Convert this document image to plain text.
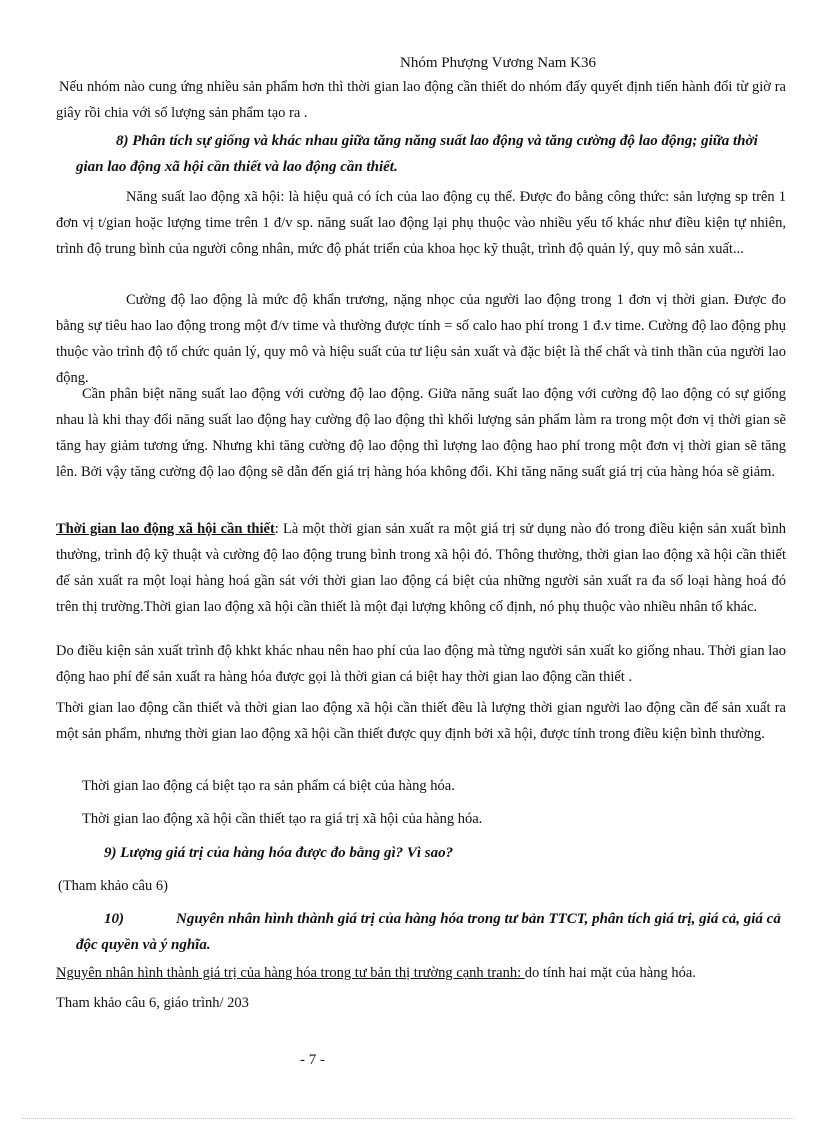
Nhóm Phượng Vương Nam K36

Nếu nhóm nào cung ứng nhiều sản phẩm hơn thì thời gian lao động cần thiết do nhóm đấy quyết định tiến hành đổi từ giờ ra giây rồi chia với số lượng sản phẩm tạo ra .

8) Phân tích sự giống và khác nhau giữa tăng năng suất lao động và tăng cường độ lao động; giữa thời gian lao động xã hội cần thiết và lao động cần thiết.

Năng suất lao động xã hội: là hiệu quả có ích của lao động cụ thể. Được đo bằng công thức: sản lượng sp trên 1 đơn vị t/gian hoặc lượng time trên 1 đ/v sp. năng suất lao động lại phụ thuộc vào nhiều yếu tố khác như điều kiện tự nhiên, trình độ trung bình của người công nhân, mức độ phát triển của khoa học kỹ thuật, trình độ quản lý, quy mô sản xuất...

Cường độ lao động là mức độ khẩn trương, nặng nhọc của người lao động trong 1 đơn vị thời gian. Được đo bằng sự tiêu hao lao động trong một đ/v time và thường được tính = số calo hao phí trong 1 đ.v time. Cường độ lao động phụ thuộc vào trình độ tổ chức quản lý, quy mô và hiệu suất của tư liệu sản xuất và đặc biệt là thể chất và tinh thần của người lao động.

Cần phân biệt năng suất lao động với cường độ lao động. Giữa năng suất lao động với cường độ lao động có sự giống nhau là khi thay đổi năng suất lao động hay cường độ lao động thì khối lượng sản phẩm làm ra trong một đơn vị thời gian sẽ tăng hay giảm tương ứng. Nhưng khi tăng cường độ lao động thì lượng lao động hao phí trong một đơn vị thời gian sẽ tăng lên. Bởi vậy tăng cường độ lao động sẽ dẫn đến giá trị hàng hóa không đổi. Khi tăng năng suất giá trị của hàng hóa sẽ giảm.

Thời gian lao động xã hội cần thiết: Là một thời gian sản xuất ra một giá trị sử dụng nào đó trong điều kiện sản xuất bình thường, trình độ kỹ thuật và cường độ lao động trung bình trong xã hội đó. Thông thường, thời gian lao động xã hội cần thiết để sản xuất ra một loại hàng hoá gần sát với thời gian lao động cá biệt của những người sản xuất ra đa số loại hàng hoá đó trên thị trường.Thời gian lao động xã hội cần thiết là một đại lượng không cố định, nó phụ thuộc vào nhiều nhân tố khác.

Do điều kiện sản xuất trình độ khkt khác nhau nên hao phí của lao động mà từng người sản xuất ko giống nhau. Thời gian lao động hao phí để sản xuất ra hàng hóa được gọi là thời gian cá biệt hay thời gian lao động cần thiết .

Thời gian lao động cần thiết và thời gian lao động xã hội cần thiết đều là lượng thời gian người lao động cần để sản xuất ra một sản phẩm, nhưng thời gian lao động xã hội cần thiết được quy định bởi xã hội, được tính trong điều kiện bình thường.

Thời gian lao động cá biệt tạo ra sản phẩm cá biệt của hàng hóa.

Thời gian lao động xã hội cần thiết tạo ra giá trị xã hội của hàng hóa.

9) Lượng giá trị của hàng hóa được đo bằng gì? Vì sao?

(Tham khảo câu 6)

10)	Nguyên nhân hình thành giá trị của hàng hóa trong tư bản TTCT, phân tích giá trị, giá cả, giá cả độc quyền và ý nghĩa.

Nguyên nhân hình thành giá trị của hàng hóa trong tư bản thị trường cạnh tranh: do tính hai mặt của hàng hóa.

Tham khảo câu 6, giáo trình/ 203

- 7 -
